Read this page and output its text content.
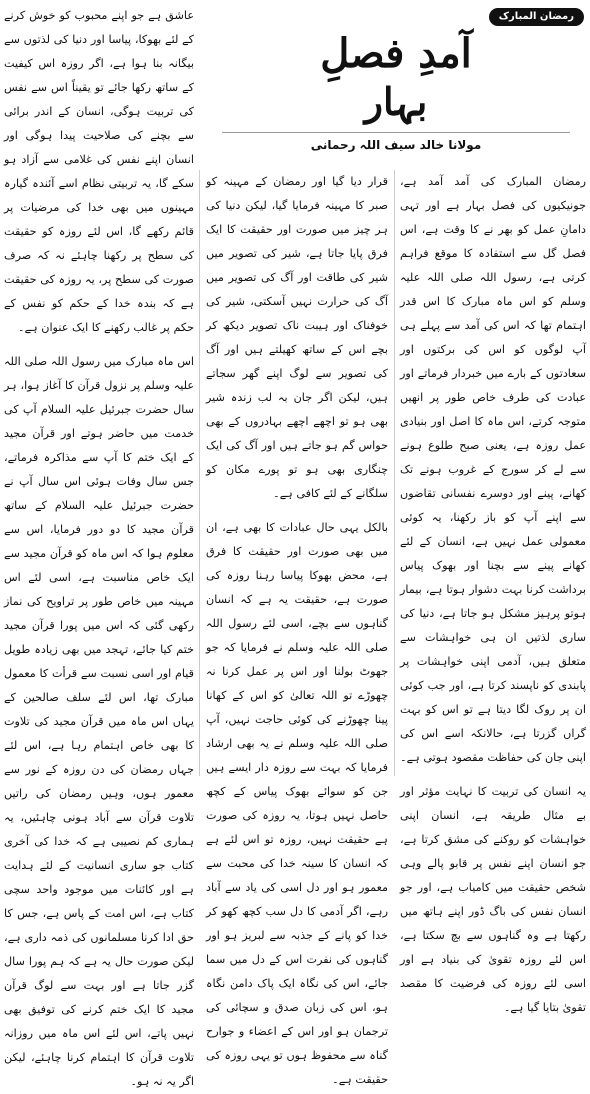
رمضان المبارک
آمدِ فصلِ
بہار
مولانا خالد سیف اللہ رحمانی

رمضان المبارک کی آمد آمد ہے، جونیکیوں کی فصل بہار ہے اور تہی دامانِ عمل کو بھر نے کا وقت ہے، اس فصل گل سے استفادہ کا موقع فراہم کرتی ہے، رسول اللہ صلی اللہ علیہ وسلم کو اس ماہ مبارک کا اس قدر اہتمام تھا کہ اس کی آمد سے پہلے ہی آپ لوگوں کو اس کی برکتوں اور سعادتوں کے بارے میں خبردار فرماتے اور عبادت کی طرف خاص طور پر انھیں متوجہ کرتے، اس ماہ کا اصل اور بنیادی عمل روزہ ہے، یعنی صبح طلوع ہونے سے لے کر سورج کے غروب ہونے تک کھانے، پینے اور دوسرے نفسانی تقاضوں سے اپنے آپ کو باز رکھنا، یہ کوئی معمولی عمل نہیں ہے، انسان کے لئے کھانے پینے سے بچنا اور بھوک پیاس برداشت کرنا بہت دشوار ہوتا ہے، بیمار ہوتو پرہیز مشکل ہو جاتا ہے، دنیا کی ساری لذتیں ان ہی خواہشات سے متعلق ہیں، آدمی اپنی خواہشات پر پابندی کو ناپسند کرتا ہے، اور جب کوئی ان پر روک لگا دیتا ہے تو اس کو بہت گراں گزرتا ہے، حالانکہ اسے اس کی اپنی جان کی حفاظت مقصود ہوتی ہے۔

یہ انسان کی تربیت کا نہایت مؤثر اور بے مثال طریقہ ہے، انسان اپنی خواہشات کو روکنے کی مشق کرتا ہے، جو انسان اپنے نفس پر قابو پالے وہی شخص حقیقت میں کامیاب ہے، اور جو انسان نفس کی باگ ڈور اپنے ہاتھ میں رکھتا ہے وہ گناہوں سے بچ سکتا ہے، اس لئے روزہ تقویٰ کی بنیاد ہے اور اسی لئے روزہ کی فرضیت کا مقصد تقویٰ بتایا گیا ہے۔

قرار دیا گیا اور رمضان کے مہینہ کو صبر کا مہینہ فرمایا گیا، لیکن دنیا کی ہر چیز میں صورت اور حقیقت کا ایک فرق پایا جاتا ہے، شیر کی تصویر میں شیر کی طاقت اور آگ کی تصویر میں آگ کی حرارت نہیں آسکتی، شیر کی خوفناک اور ہیبت ناک تصویر دیکھ کر بچے اس کے ساتھ کھیلتے ہیں اور آگ کی تصویر سے لوگ اپنے گھر سجاتے ہیں، لیکن اگر جان بہ لب زندہ شیر بھی ہو تو اچھے اچھے بہادروں کے بھی حواس گم ہو جاتے ہیں اور آگ کی ایک چنگاری بھی ہو تو پورے مکان کو سلگانے کے لئے کافی ہے۔

بالکل یہی حال عبادات کا بھی ہے، ان میں بھی صورت اور حقیقت کا فرق ہے، محض بھوکا پیاسا رہنا روزہ کی صورت ہے، حقیقت یہ ہے کہ انسان گناہوں سے بچے، اسی لئے رسول اللہ صلی اللہ علیہ وسلم نے فرمایا کہ جو جھوٹ بولنا اور اس پر عمل کرنا نہ چھوڑے تو اللہ تعالیٰ کو اس کے کھانا پینا چھوڑنے کی کوئی حاجت نہیں، آپ صلی اللہ علیہ وسلم نے یہ بھی ارشاد فرمایا کہ بہت سے روزہ دار ایسے ہیں جن کو سوائے بھوک پیاس کے کچھ حاصل نہیں ہوتا، یہ روزہ کی صورت ہے حقیقت نہیں، روزہ تو اس لئے ہے کہ انسان کا سینہ خدا کی محبت سے معمور ہو اور دل اسی کی یاد سے آباد رہے، اگر آدمی کا دل سب کچھ کھو کر خدا کو پانے کے جذبہ سے لبریز ہو اور گناہوں کی نفرت اس کے دل میں سما جائے، اس کی نگاہ ایک پاک دامن نگاہ ہو، اس کی زبان صدق و سچائی کی ترجمان ہو اور اس کے اعضاء و جوارح گناہ سے محفوظ ہوں تو یہی روزہ کی حقیقت ہے۔

عاشق ہے جو اپنے محبوب کو خوش کرنے کے لئے بھوکا، پیاسا اور دنیا کی لذتوں سے بیگانہ بنا ہوا ہے، اگر روزہ اس کیفیت کے ساتھ رکھا جائے تو یقیناً اس سے نفس کی تربیت ہوگی، انسان کے اندر برائی سے بچنے کی صلاحیت پیدا ہوگی اور انسان اپنے نفس کی غلامی سے آزاد ہو سکے گا، یہ تربیتی نظام اسے آئندہ گیارہ مہینوں میں بھی خدا کی مرضیات پر قائم رکھے گا، اس لئے روزہ کو حقیقت کی سطح پر رکھنا چاہئے نہ کہ صرف صورت کی سطح پر، یہ روزہ کی حقیقت ہے کہ بندہ خدا کے حکم کو نفس کے حکم پر غالب رکھنے کا ایک عنوان ہے۔

اس ماہ مبارک میں رسول اللہ صلی اللہ علیہ وسلم پر نزول قرآن کا آغاز ہوا، ہر سال حضرت جبرئیل علیہ السلام آپ کی خدمت میں حاضر ہوتے اور قرآن مجید کے ایک ختم کا آپ سے مذاکرہ فرماتے، جس سال وفات ہوئی اس سال آپ نے حضرت جبرئیل علیہ السلام کے ساتھ قرآن مجید کا دو دور فرمایا، اس سے معلوم ہوا کہ اس ماہ کو قرآن مجید سے ایک خاص مناسبت ہے، اسی لئے اس مہینہ میں خاص طور پر تراویح کی نماز رکھی گئی کہ اس میں پورا قرآن مجید ختم کیا جائے، تہجد میں بھی زیادہ طویل قیام اور اسی نسبت سے قرأت کا معمول مبارک تھا، اس لئے سلف صالحین کے یہاں اس ماہ میں قرآن مجید کی تلاوت کا بھی خاص اہتمام رہا ہے، اس لئے جہاں رمضان کی دن روزہ کے نور سے معمور ہوں، وہیں رمضان کی راتیں تلاوت قرآن سے آباد ہونی چاہئیں، یہ ہماری کم نصیبی ہے کہ خدا کی آخری کتاب جو ساری انسانیت کے لئے ہدایت ہے اور کائنات میں موجود واحد سچی کتاب ہے، اس امت کے پاس ہے، جس کا حق ادا کرنا مسلمانوں کی ذمہ داری ہے، لیکن صورت حال یہ ہے کہ ہم پورا سال گزر جاتا ہے اور بہت سے لوگ قرآن مجید کا ایک ختم کرنے کی توفیق بھی نہیں پاتے، اس لئے اس ماہ میں روزانہ تلاوت قرآن کا اہتمام کرنا چاہئے، لیکن اگر یہ نہ ہو۔
